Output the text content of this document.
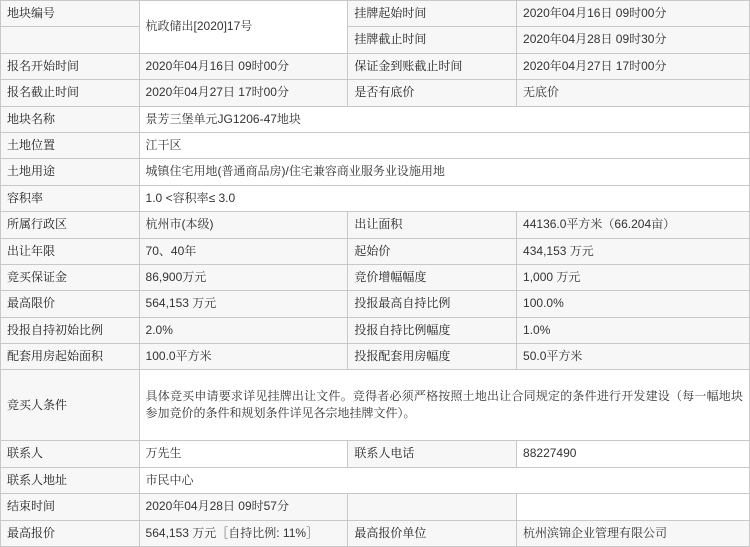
地块编号	杭政储出[2020]17号	挂牌起始时间	2020年04月16日 09时00分
		挂牌截止时间	2020年04月28日 09时30分
报名开始时间	2020年04月16日 09时00分	保证金到账截止时间	2020年04月27日 17时00分
报名截止时间	2020年04月27日 17时00分	是否有底价	无底价
地块名称	景芳三堡单元JG1206-47地块		
土地位置	江干区		
土地用途	城镇住宅用地(普通商品房)/住宅兼容商业服务业设施用地		
容积率	1.0 <容积率≤ 3.0		
所属行政区	杭州市(本级)	出让面积	44136.0平方米（66.204亩）
出让年限	70、40年	起始价	434,153 万元
竞买保证金	86,900万元	竞价增幅幅度	1,000 万元
最高限价	564,153 万元	投报最高自持比例	100.0%
投报自持初始比例	2.0%	投报自持比例幅度	1.0%
配套用房起始面积	100.0平方米	投报配套用房幅度	50.0平方米
竞买人条件	具体竞买申请要求详见挂牌出让文件。竞得者必须严格按照土地出让合同规定的条件进行开发建设（每一幅地块参加竞价的条件和规划条件详见各宗地挂牌文件）。		
联系人	万先生	联系人电话	88227490
联系人地址	市民中心		
结束时间	2020年04月28日 09时57分		
最高报价	564,153 万元［自持比例: 11%］	最高报价单位	杭州滨锦企业管理有限公司
